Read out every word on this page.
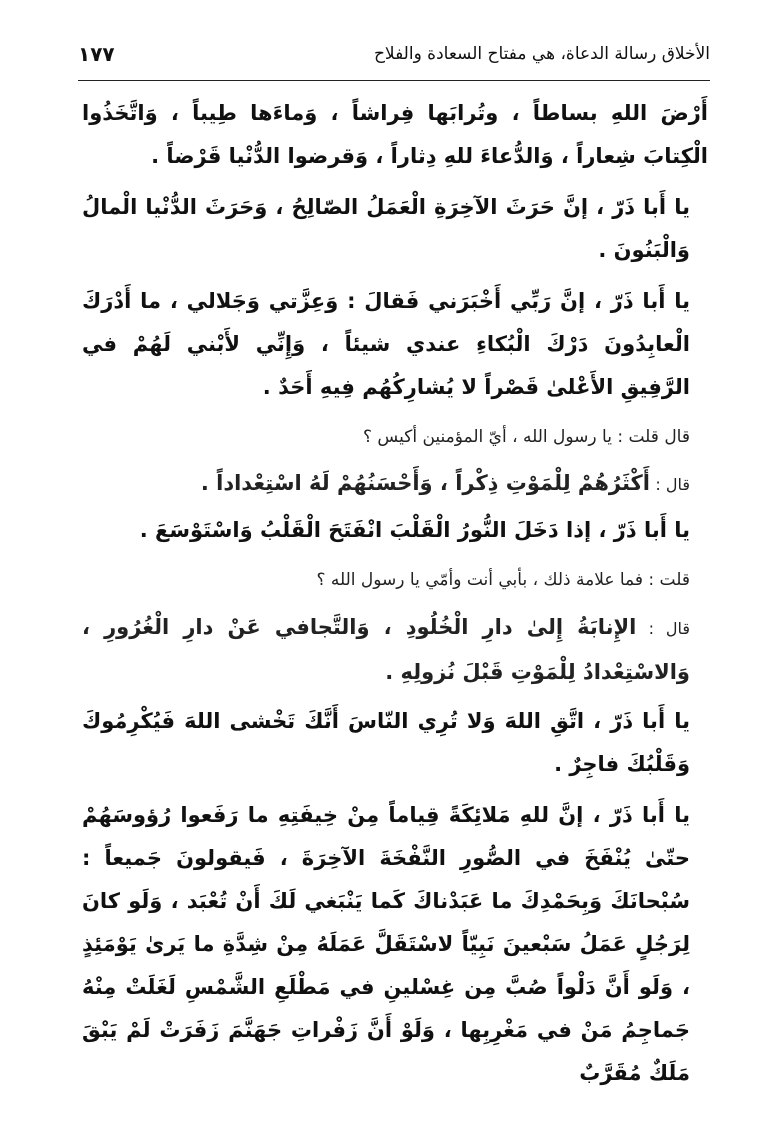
١٧٧	الأخلاق رسالة الدعاة، هي مفتاح السعادة والفلاح

أَرْضَ اللهِ بساطاً ، وتُرابَها فِراشاً ، وَماءَها طِيباً ، وَاتَّخَذُوا الْكِتابَ شِعاراً ، وَالدُّعاءَ للهِ دِثاراً ، وَقرضوا الدُّنْيا قَرْضاً .

يا أَبا ذَرّ ، إنَّ حَرَثَ الآخِرَةِ الْعَمَلُ الصّالِحُ ، وَحَرَثَ الدُّنْيا الْمالُ وَالْبَنُونَ .

يا أَبا ذَرّ ، إنَّ رَبِّي أَخْبَرَني فَقالَ : وَعِزَّتي وَجَلالي ، ما أَدْرَكَ الْعابِدُونَ دَرْكَ الْبُكاءِ عندي شيئاً ، وَإِنِّي لأَبْني لَهُمْ في الرَّفِيقِ الأَعْلىٰ قَصْراً لا يُشارِكُهُم فِيهِ أَحَدٌ .

قال قلت : يا رسول الله ، أيّ المؤمنين أكيس ؟

قال : أَكْثَرُهُمْ لِلْمَوْتِ ذِكْراً ، وَأَحْسَنُهُمْ لَهُ اسْتِعْداداً .

يا أَبا ذَرّ ، إذا دَخَلَ النُّورُ الْقَلْبَ انْفَتَحَ الْقَلْبُ وَاسْتَوْسَعَ .

قلت : فما علامة ذلك ، بأبي أنت وأمّي يا رسول الله ؟

قال : الإِنابَةُ إِلىٰ دارِ الْخُلُودِ ، وَالتَّجافي عَنْ دارِ الْغُرُورِ ، وَالاسْتِعْدادُ لِلْمَوْتِ قَبْلَ نُزولِهِ .

يا أَبا ذَرّ ، اتَّقِ اللهَ وَلا تُرِي النّاسَ أَنَّكَ تَخْشى اللهَ فَيُكْرِمُوكَ وَقَلْبُكَ فاجِرٌ .

يا أَبا ذَرّ ، إنَّ للهِ مَلائِكَةً قِياماً مِنْ خِيفَتِهِ ما رَفَعوا رُؤوسَهُمْ حتّىٰ يُنْفَخَ في الصُّورِ النَّفْخَةَ الآخِرَةَ ، فَيقولونَ جَميعاً : سُبْحانَكَ وَبِحَمْدِكَ ما عَبَدْناكَ كَما يَنْبَغي لَكَ أَنْ تُعْبَد ، وَلَو كانَ لِرَجُلٍ عَمَلُ سَبْعينَ نَبِيّاً لاسْتَقَلَّ عَمَلَهُ مِنْ شِدَّةِ ما يَرىٰ يَوْمَئِذٍ ، وَلَو أَنَّ دَلْواً صُبَّ مِن غِسْلينِ في مَطْلَعِ الشَّمْسِ لَغَلَتْ مِنْهُ جَماجِمُ مَنْ في مَغْرِبِها ، وَلَوْ أَنَّ زَفْراتِ جَهَنَّمَ زَفَرَتْ لَمْ يَبْقَ مَلَكٌ مُقَرَّبٌ
